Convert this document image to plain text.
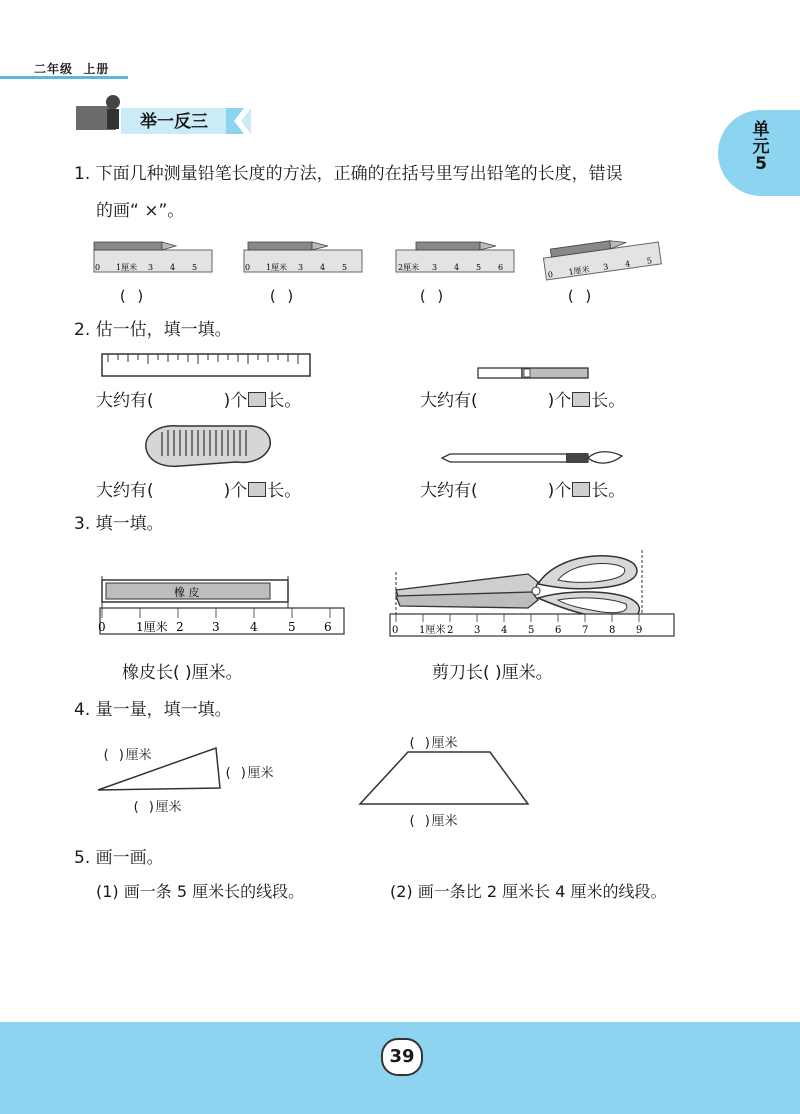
二年级 上册
单
元
5
举一反三
1. 下面几种测量铅笔长度的方法，正确的在括号里写出铅笔的长度，错误
的画“ ×”。
0 1厘米 3 4 5	0 1厘米 3 4 5	2厘米 3 4 5 6
0 1厘米 3 4 5
( )	( )	( )	( )
2. 估一估，填一填。
大约有(	)个 长。	大约有(	)个 长。
大约有(	)个 长。	大约有(	)个 长。
3. 填一填。
橡 皮
0	1厘米 2 3	4	5 6	0 1厘米 2 3 4 5 6 7 8 9
橡皮长( )厘米。	剪刀长( )厘米。
4. 量一量，填一填。
( )厘米
( )厘米
( )厘米
( )厘米
( )厘米
5. 画一画。
(1) 画一条 5 厘米长的线段。	(2) 画一条比 2 厘米长 4 厘米的线段。
39
